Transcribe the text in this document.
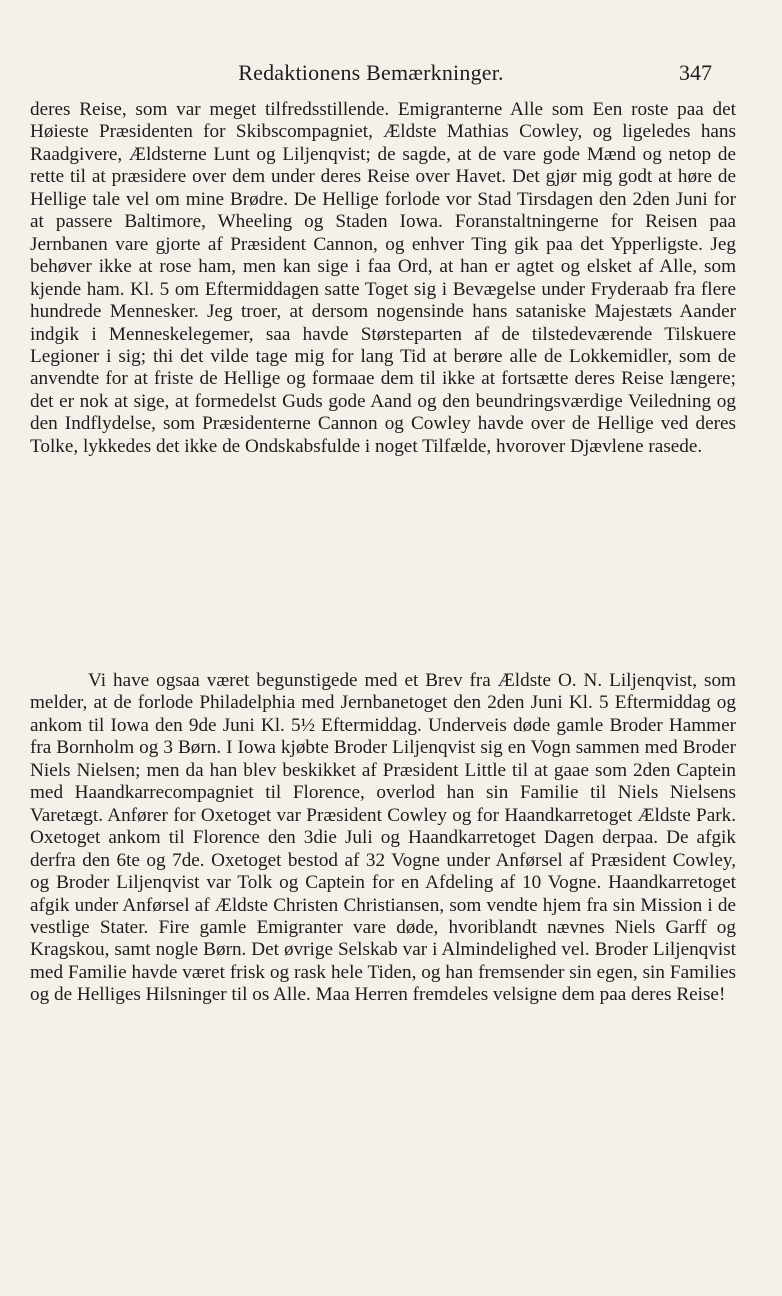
Redaktionens Bemærkninger.	347

deres Reise, som var meget tilfredsstillende. Emigranterne Alle som Een roste paa det Høieste Præsidenten for Skibscompagniet, Ældste Mathias Cowley, og ligeledes hans Raadgivere, Ældsterne Lunt og Liljenqvist; de sagde, at de vare gode Mænd og netop de rette til at præsidere over dem under deres Reise over Havet. Det gjør mig godt at høre de Hellige tale vel om mine Brødre. De Hellige forlode vor Stad Tirsdagen den 2den Juni for at passere Baltimore, Wheeling og Staden Iowa. Foranstaltningerne for Reisen paa Jernbanen vare gjorte af Præsident Cannon, og enhver Ting gik paa det Ypperligste. Jeg behøver ikke at rose ham, men kan sige i faa Ord, at han er agtet og elsket af Alle, som kjende ham. Kl. 5 om Eftermiddagen satte Toget sig i Bevægelse under Fryderaab fra flere hundrede Mennesker. Jeg troer, at dersom nogensinde hans sataniske Majestæts Aander indgik i Menneskelegemer, saa havde Størsteparten af de tilstedeværende Tilskuere Legioner i sig; thi det vilde tage mig for lang Tid at berøre alle de Lokkemidler, som de anvendte for at friste de Hellige og formaae dem til ikke at fortsætte deres Reise længere; det er nok at sige, at formedelst Guds gode Aand og den beundringsværdige Veiledning og den Indflydelse, som Præsidenterne Cannon og Cowley havde over de Hellige ved deres Tolke, lykkedes det ikke de Ondskabsfulde i noget Tilfælde, hvorover Djævlene rasede.

Vi have ogsaa været begunstigede med et Brev fra Ældste O. N. Liljenqvist, som melder, at de forlode Philadelphia med Jernbanetoget den 2den Juni Kl. 5 Eftermiddag og ankom til Iowa den 9de Juni Kl. 5½ Eftermiddag. Underveis døde gamle Broder Hammer fra Bornholm og 3 Børn. I Iowa kjøbte Broder Liljenqvist sig en Vogn sammen med Broder Niels Nielsen; men da han blev beskikket af Præsident Little til at gaae som 2den Captein med Haandkarrecompagniet til Florence, overlod han sin Familie til Niels Nielsens Varetægt. Anfører for Oxetoget var Præsident Cowley og for Haandkarretoget Ældste Park. Oxetoget ankom til Florence den 3die Juli og Haandkarretoget Dagen derpaa. De afgik derfra den 6te og 7de. Oxetoget bestod af 32 Vogne under Anførsel af Præsident Cowley, og Broder Liljenqvist var Tolk og Captein for en Afdeling af 10 Vogne. Haandkarretoget afgik under Anførsel af Ældste Christen Christiansen, som vendte hjem fra sin Mission i de vestlige Stater. Fire gamle Emigranter vare døde, hvoriblandt nævnes Niels Garff og Kragskou, samt nogle Børn. Det øvrige Selskab var i Almindelighed vel. Broder Liljenqvist med Familie havde været frisk og rask hele Tiden, og han fremsender sin egen, sin Families og de Helliges Hilsninger til os Alle. Maa Herren fremdeles velsigne dem paa deres Reise!
